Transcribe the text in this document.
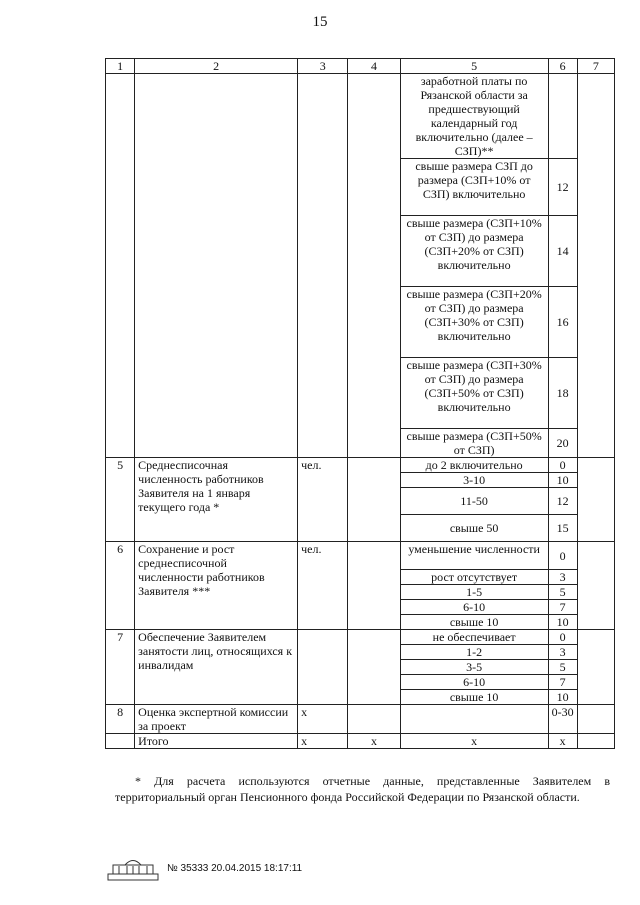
15
1	2	3	4	5	6	7
				заработной платы по Рязанской области за предшествующий календарный год включительно (далее – СЗП)**		
				свыше размера СЗП до размера (СЗП+10% от СЗП) включительно	12	
				свыше размера (СЗП+10% от СЗП) до размера (СЗП+20% от СЗП) включительно	14	
				свыше размера (СЗП+20% от СЗП) до размера (СЗП+30% от СЗП) включительно	16	
				свыше размера (СЗП+30% от СЗП) до размера (СЗП+50% от СЗП) включительно	18	
				свыше размера (СЗП+50% от СЗП)	20	
5	Среднесписочная численность работников Заявителя на 1 января текущего года *	чел.		до 2 включительно	0	
				3-10	10	
				11-50	12	
				свыше 50	15	
6	Сохранение и рост среднесписочной численности работников Заявителя ***	чел.		уменьшение численности	0	
				рост отсутствует	3	
				1-5	5	
				6-10	7	
				свыше 10	10	
7	Обеспечение Заявителем занятости лиц, относящихся к инвалидам			не обеспечивает	0	
				1-2	3	
				3-5	5	
				6-10	7	
				свыше 10	10	
8	Оценка экспертной комиссии за проект	x			0-30	
	Итого	x	x	x	x	
* Для расчета используются отчетные данные, представленные Заявителем в территориальный орган Пенсионного фонда Российской Федерации по Рязанской области.
№ 35333 20.04.2015 18:17:11
